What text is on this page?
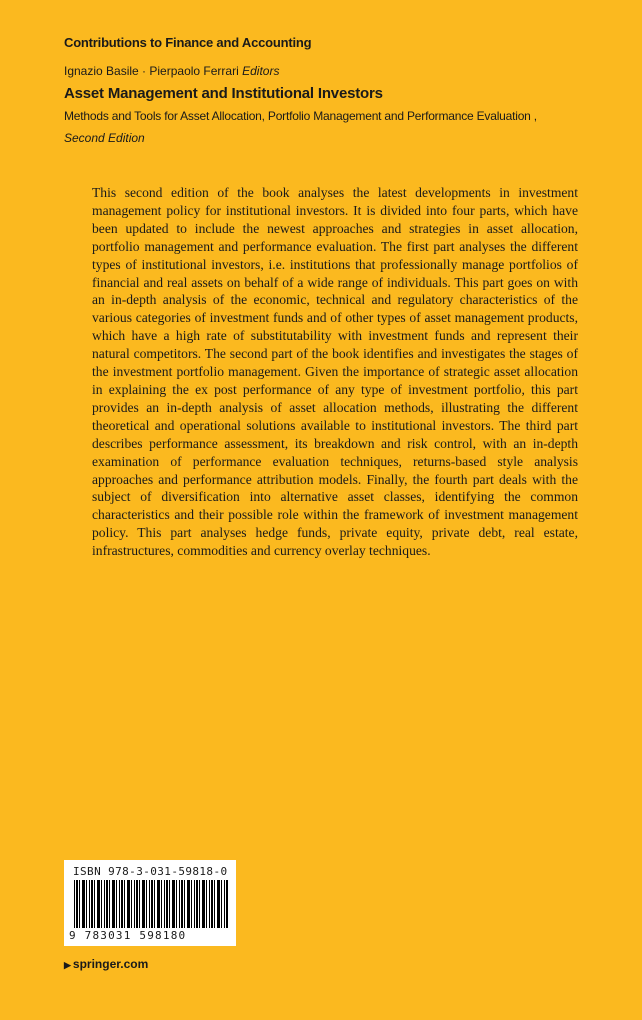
Contributions to Finance and Accounting
Ignazio Basile · Pierpaolo Ferrari Editors
Asset Management and Institutional Investors
Methods and Tools for Asset Allocation, Portfolio Management and Performance Evaluation ,
Second Edition

This second edition of the book analyses the latest developments in investment management policy for institutional investors. It is divided into four parts, which have been updated to include the newest approaches and strategies in asset allocation, portfolio management and performance evaluation. The first part analyses the different types of institutional investors, i.e. institutions that professionally manage portfolios of financial and real assets on behalf of a wide range of individuals. This part goes on with an in-depth analysis of the economic, technical and regulatory characteristics of the various categories of investment funds and of other types of asset management products, which have a high rate of substitutability with investment funds and represent their natural competitors. The second part of the book identifies and investigates the stages of the investment portfolio management. Given the importance of strategic asset allocation in explaining the ex post performance of any type of investment portfolio, this part provides an in-depth analysis of asset allocation methods, illustrating the different theoretical and operational solutions available to institutional investors. The third part describes performance assessment, its breakdown and risk control, with an in-depth examination of performance evaluation techniques, returns-based style analysis approaches and performance attribution models. Finally, the fourth part deals with the subject of diversification into alternative asset classes, identifying the common characteristics and their possible role within the framework of investment management policy. This part analyses hedge funds, private equity, private debt, real estate, infrastructures, commodities and currency overlay techniques.

ISBN 978-3-031-59818-0
9 783031 598180
▶ springer.com
